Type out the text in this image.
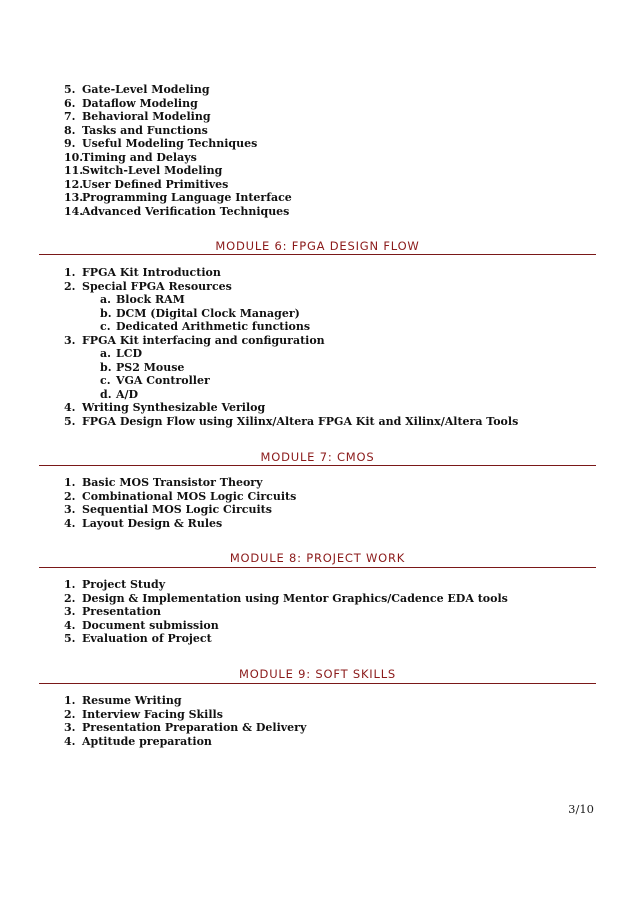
5. Gate-Level Modeling
6. Dataflow Modeling
7. Behavioral Modeling
8. Tasks and Functions
9. Useful Modeling Techniques
10.Timing and Delays
11.Switch-Level Modeling
12.User Defined Primitives
13.Programming Language Interface
14.Advanced Verification Techniques
MODULE 6: FPGA DESIGN FLOW
1. FPGA Kit Introduction
2. Special FPGA Resources
a. Block RAM
b. DCM (Digital Clock Manager)
c. Dedicated Arithmetic functions
3. FPGA Kit interfacing and configuration
a. LCD
b. PS2 Mouse
c. VGA Controller
d. A/D
4. Writing Synthesizable Verilog
5. FPGA Design Flow using Xilinx/Altera FPGA Kit and Xilinx/Altera Tools
MODULE 7: CMOS
1. Basic MOS Transistor Theory
2. Combinational MOS Logic Circuits
3. Sequential MOS Logic Circuits
4. Layout Design & Rules
MODULE 8: PROJECT WORK
1. Project Study
2. Design & Implementation using Mentor Graphics/Cadence EDA tools
3. Presentation
4. Document submission
5. Evaluation of Project
MODULE 9: SOFT SKILLS
1. Resume Writing
2. Interview Facing Skills
3. Presentation Preparation & Delivery
4. Aptitude preparation
3/10
